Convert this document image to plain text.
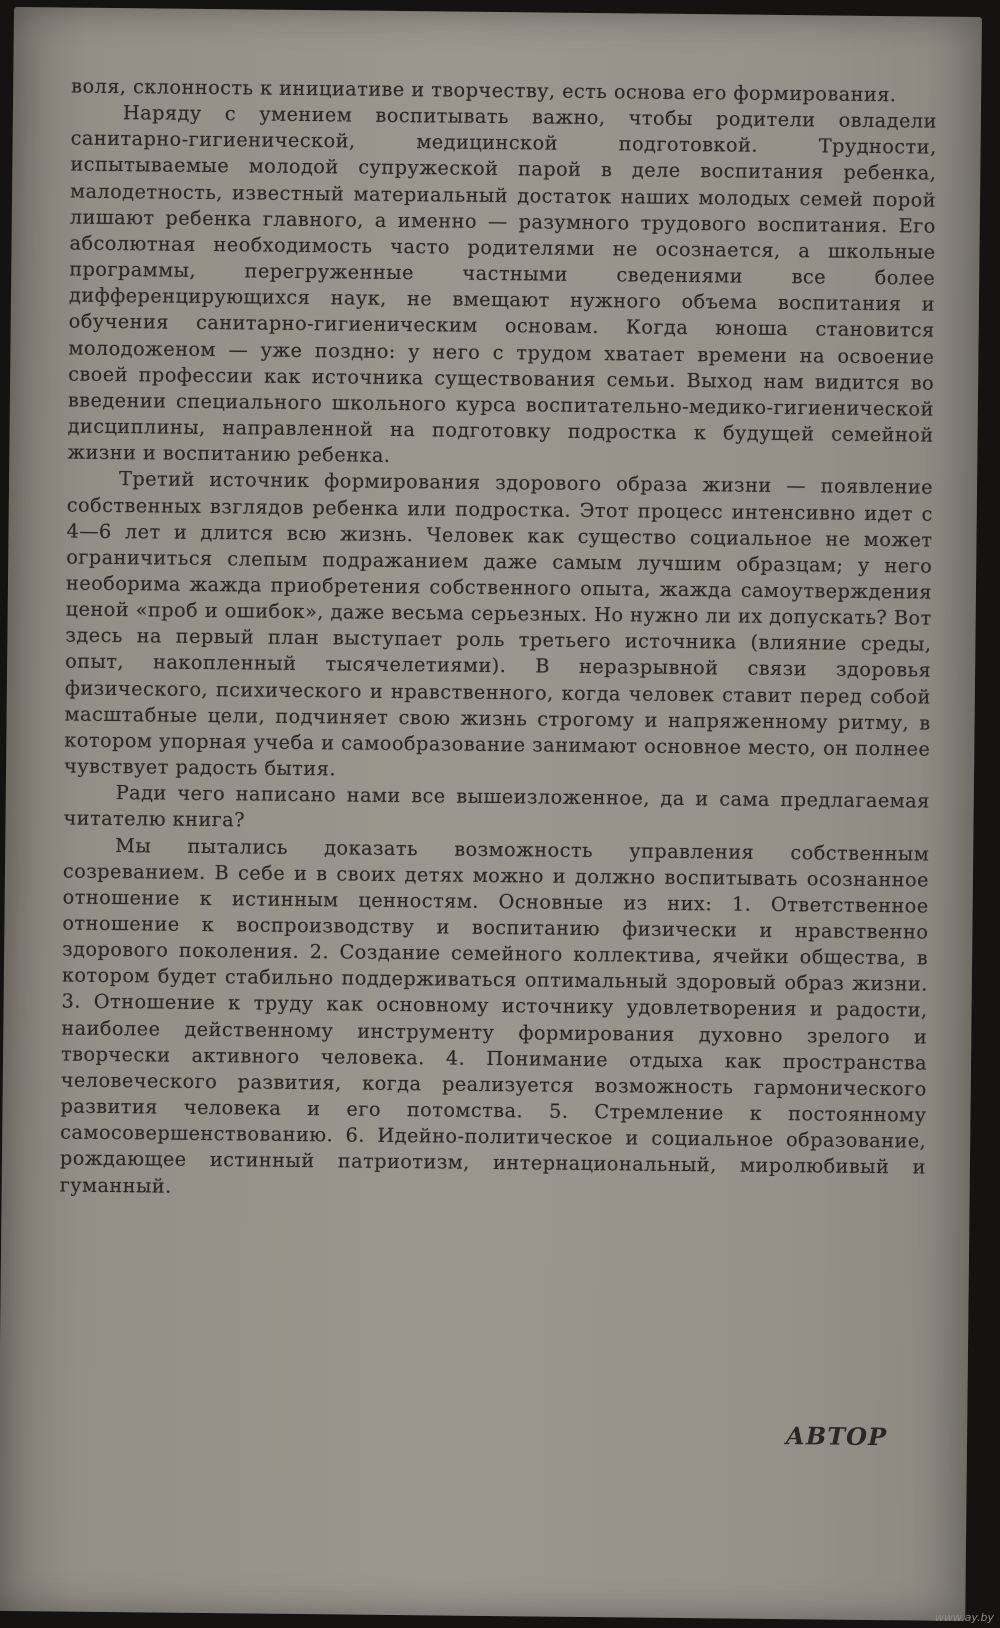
воля, склонность к инициативе и творчеству, есть основа его формирования.

Наряду с умением воспитывать важно, чтобы родители овладели санитарно-гигиенической, медицинской подготовкой. Трудности, испытываемые молодой супружеской парой в деле воспитания ребенка, малодетность, известный материальный достаток наших молодых семей порой лишают ребенка главного, а именно — разумного трудового воспитания. Его абсолютная необходимость часто родителями не осознается, а школьные программы, перегруженные частными сведениями все более дифференцирующихся наук, не вмещают нужного объема воспитания и обучения санитарно-гигиеническим основам. Когда юноша становится молодоженом — уже поздно: у него с трудом хватает времени на освоение своей профессии как источника существования семьи. Выход нам видится во введении специального школьного курса воспитательно-медико-гигиенической дисциплины, направленной на подготовку подростка к будущей семейной жизни и воспитанию ребенка.

Третий источник формирования здорового образа жизни — появление собственных взглядов ребенка или подростка. Этот процесс интенсивно идет с 4—6 лет и длится всю жизнь. Человек как существо социальное не может ограничиться слепым подражанием даже самым лучшим образцам; у него необорима жажда приобретения собственного опыта, жажда самоутверждения ценой «проб и ошибок», даже весьма серьезных. Но нужно ли их допускать? Вот здесь на первый план выступает роль третьего источника (влияние среды, опыт, накопленный тысячелетиями). В неразрывной связи здоровья физического, психического и нравственного, когда человек ставит перед собой масштабные цели, подчиняет свою жизнь строгому и напряженному ритму, в котором упорная учеба и самообразование занимают основное место, он полнее чувствует радость бытия.

Ради чего написано нами все вышеизложенное, да и сама предлагаемая читателю книга?

Мы пытались доказать возможность управления собственным созреванием. В себе и в своих детях можно и должно воспитывать осознанное отношение к истинным ценностям. Основные из них: 1. Ответственное отношение к воспроизводству и воспитанию физически и нравственно здорового поколения. 2. Создание семейного коллектива, ячейки общества, в котором будет стабильно поддерживаться оптимальный здоровый образ жизни. 3. Отношение к труду как основному источнику удовлетворения и радости, наиболее действенному инструменту формирования духовно зрелого и творчески активного человека. 4. Понимание отдыха как пространства человеческого развития, когда реализуется возможность гармонического развития человека и его потомства. 5. Стремление к постоянному самосовершенствованию. 6. Идейно-политическое и социальное образование, рождающее истинный патриотизм, интернациональный, миролюбивый и гуманный.

АВТОР
www.ay.by
